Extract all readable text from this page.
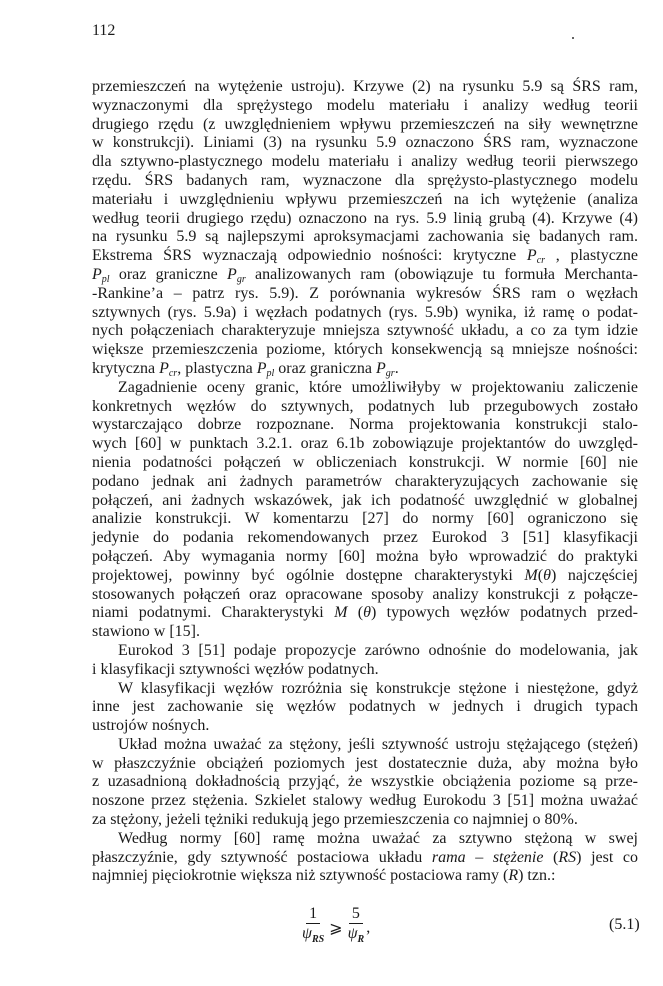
112
przemieszczeń na wytężenie ustroju). Krzywe (2) na rysunku 5.9 są ŚRS ram,
wyznaczonymi dla sprężystego modelu materiału i analizy według teorii
drugiego rzędu (z uwzględnieniem wpływu przemieszczeń na siły wewnętrzne
w konstrukcji). Liniami (3) na rysunku 5.9 oznaczono ŚRS ram, wyznaczone
dla sztywno-plastycznego modelu materiału i analizy według teorii pierwszego
rzędu. ŚRS badanych ram, wyznaczone dla sprężysto-plastycznego modelu
materiału i uwzględnieniu wpływu przemieszczeń na ich wytężenie (analiza
według teorii drugiego rzędu) oznaczono na rys. 5.9 linią grubą (4). Krzywe (4)
na rysunku 5.9 są najlepszymi aproksymacjami zachowania się badanych ram.
Ekstrema ŚRS wyznaczają odpowiednio nośności: krytyczne Pcr , plastyczne
Ppl oraz graniczne Pgr analizowanych ram (obowiązuje tu formuła Merchanta-
-Rankine’a – patrz rys. 5.9). Z porównania wykresów ŚRS ram o węzłach
sztywnych (rys. 5.9a) i węzłach podatnych (rys. 5.9b) wynika, iż ramę o podat-
nych połączeniach charakteryzuje mniejsza sztywność układu, a co za tym idzie
większe przemieszczenia poziome, których konsekwencją są mniejsze nośności:
krytyczna Pcr, plastyczna Ppl oraz graniczna Pgr.
Zagadnienie oceny granic, które umożliwiłyby w projektowaniu zaliczenie
konkretnych węzłów do sztywnych, podatnych lub przegubowych zostało
wystarczająco dobrze rozpoznane. Norma projektowania konstrukcji stalo-
wych [60] w punktach 3.2.1. oraz 6.1b zobowiązuje projektantów do uwzględ-
nienia podatności połączeń w obliczeniach konstrukcji. W normie [60] nie
podano jednak ani żadnych parametrów charakteryzujących zachowanie się
połączeń, ani żadnych wskazówek, jak ich podatność uwzględnić w globalnej
analizie konstrukcji. W komentarzu [27] do normy [60] ograniczono się
jedynie do podania rekomendowanych przez Eurokod 3 [51] klasyfikacji
połączeń. Aby wymagania normy [60] można było wprowadzić do praktyki
projektowej, powinny być ogólnie dostępne charakterystyki M(θ) najczęściej
stosowanych połączeń oraz opracowane sposoby analizy konstrukcji z połącze-
niami podatnymi. Charakterystyki M (θ) typowych węzłów podatnych przed-
stawiono w [15].
Eurokod 3 [51] podaje propozycje zarówno odnośnie do modelowania, jak
i klasyfikacji sztywności węzłów podatnych.
W klasyfikacji węzłów rozróżnia się konstrukcje stężone i niestężone, gdyż
inne jest zachowanie się węzłów podatnych w jednych i drugich typach
ustrojów nośnych.
Układ można uważać za stężony, jeśli sztywność ustroju stężającego (stężeń)
w płaszczyźnie obciążeń poziomych jest dostatecznie duża, aby można było
z uzasadnioną dokładnością przyjąć, że wszystkie obciążenia poziome są prze-
noszone przez stężenia. Szkielet stalowy według Eurokodu 3 [51] można uważać
za stężony, jeżeli tężniki redukują jego przemieszczenia co najmniej o 80%.
Według normy [60] ramę można uważać za sztywno stężoną w swej
płaszczyźnie, gdy sztywność postaciowa układu rama – stężenie (RS) jest co
najmniej pięciokrotnie większa niż sztywność postaciowa ramy (R) tzn.:
$\frac{1}{\psi_{RS}}$ ⩾ $\frac{5}{\psi_R}$ ,	(5.1)
